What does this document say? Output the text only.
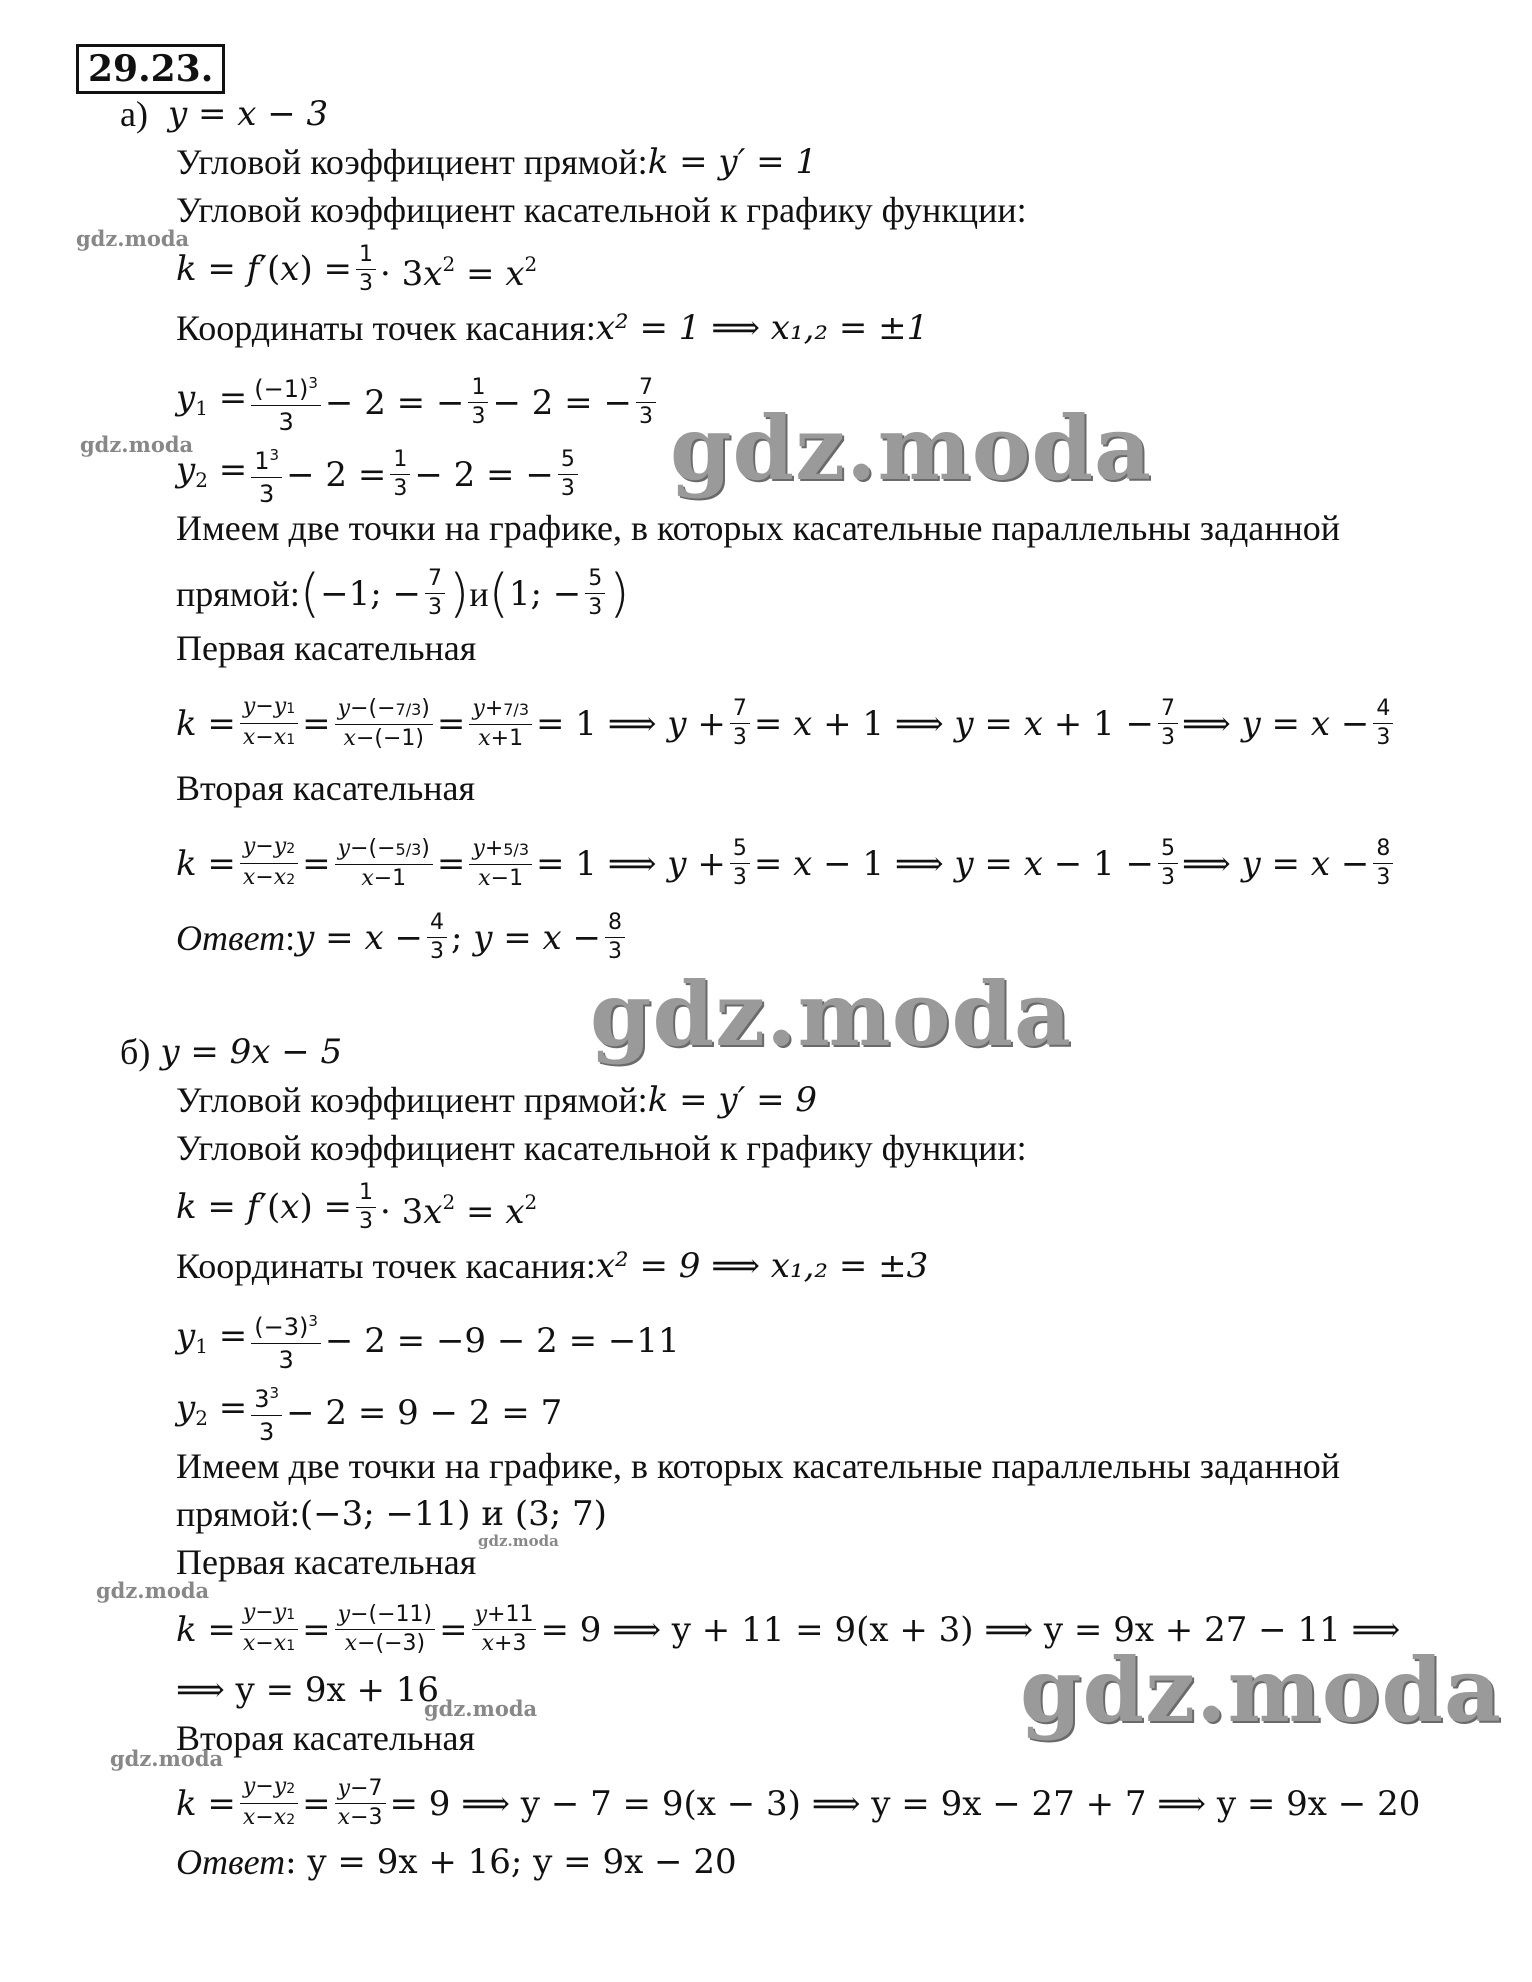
29.23.
а) y = x − 3
Угловой коэффициент прямой: k = y′ = 1
Угловой коэффициент касательной к графику функции:
$k = f'(x) = \frac{1}{3} \cdot 3x^2 = x^2$
Координаты точек касания: x² = 1 ⟹ x₁,₂ = ±1
$y_1 = \frac{(-1)^3}{3} - 2$ = − $\frac{1}{3} - 2$ = − $\frac{7}{3}$
$y_2 = \frac{1^3}{3} - 2 = \frac{1}{3} - 2$ = − $\frac{5}{3}$
Имеем две точки на графике, в которых касательные параллельны заданной
прямой: ( −1; − $\frac{7}{3}$ ) и ( 1; − $\frac{5}{3}$ )
Первая касательная
$k = \frac{y-y1}{x-x1} = \frac{y-(-7/3)}{x-(-1)} = \frac{y+7/3}{x+1} = 1$ ⟹ $y + \frac{7}{3} = x + 1$ ⟹ $y = x + 1 - \frac{7}{3}$ ⟹ $y = x - \frac{4}{3}$
Вторая касательная
$k = \frac{y-y2}{x-x2} = \frac{y-(-5/3)}{x-1} = \frac{y+5/3}{x-1} = 1$ ⟹ $y + \frac{5}{3} = x - 1$ ⟹ $y = x - 1 - \frac{5}{3}$ ⟹ $y = x - \frac{8}{3}$
Ответ : $y = x - \frac{4}{3}$ ; $y = x - \frac{8}{3}$
б) y = 9x − 5
Угловой коэффициент прямой: k = y′ = 9
Угловой коэффициент касательной к графику функции:
$k = f'(x) = \frac{1}{3} \cdot 3x^2 = x^2$
Координаты точек касания: x² = 9 ⟹ x₁,₂ = ±3
$y_1 = \frac{(-3)^3}{3} - 2 = -9 - 2 = -11$
$y_2 = \frac{3^3}{3} - 2 = 9 - 2 = 7$
Имеем две точки на графике, в которых касательные параллельны заданной
прямой: (−3; −11) и (3; 7)
Первая касательная
$k = \frac{y-y1}{x-x1} = \frac{y-(-11)}{x-(-3)} = \frac{y+11}{x+3} = 9$ ⟹ y + 11 = 9(x + 3) ⟹ y = 9x + 27 − 11 ⟹
⟹ y = 9x + 16
Вторая касательная
$k = \frac{y-y2}{x-x2} = \frac{y-7}{x-3} = 9$ ⟹ y − 7 = 9(x − 3) ⟹ y = 9x − 27 + 7 ⟹ y = 9x − 20
Ответ : y = 9x + 16; y = 9x − 20
gdz.moda
gdz.moda	gdz.moda
gdz.moda
gdz.moda
gdz.moda
gdz.moda
gdz.moda
gdz.moda
